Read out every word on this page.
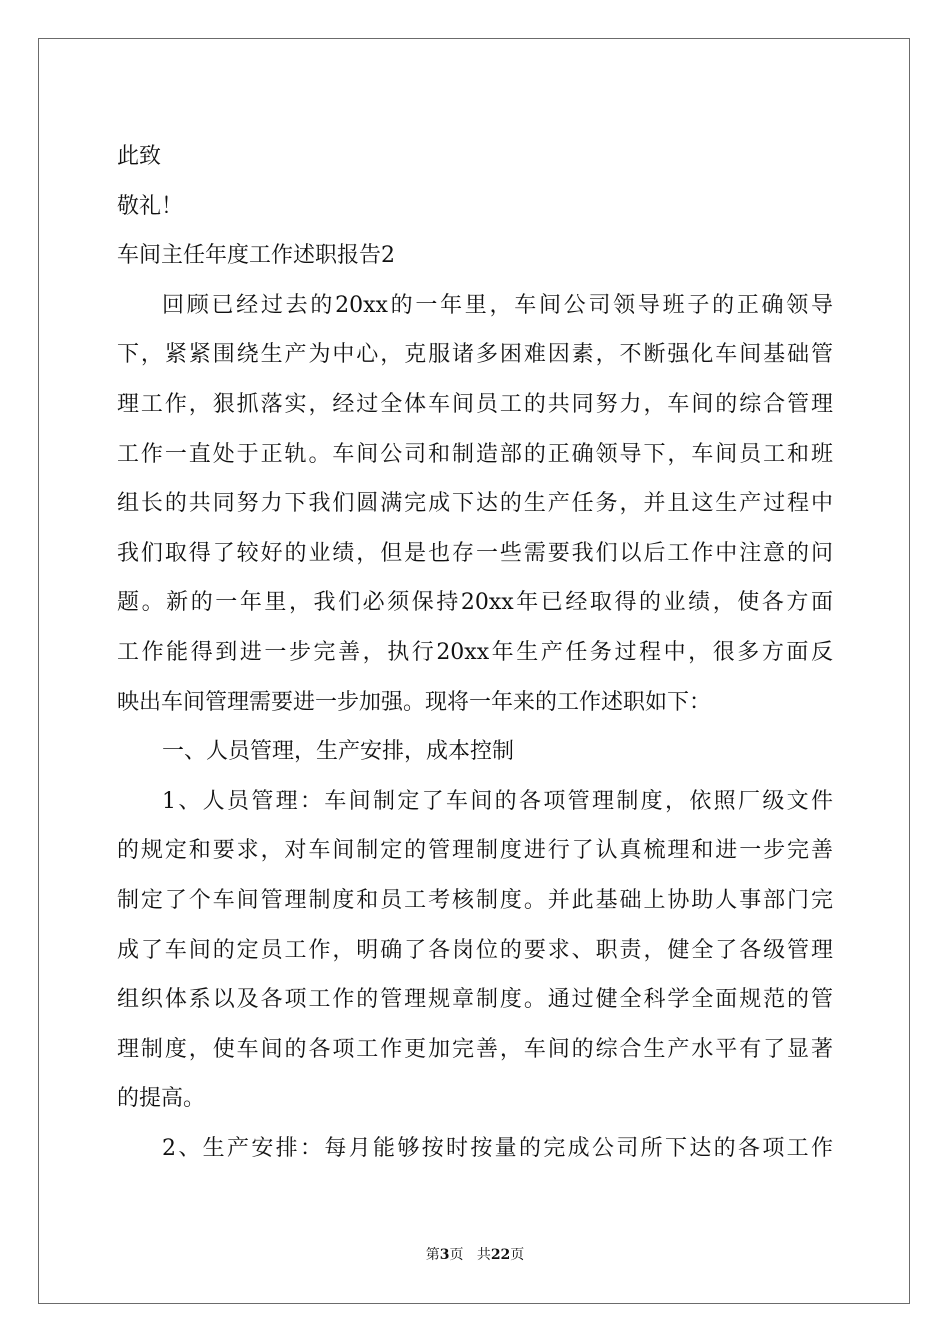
此致
敬礼！
车间主任年度工作述职报告2
回顾已经过去的20xx的一年里，车间公司领导班子的正确领导
下，紧紧围绕生产为中心，克服诸多困难因素，不断强化车间基础管
理工作，狠抓落实，经过全体车间员工的共同努力，车间的综合管理
工作一直处于正轨。车间公司和制造部的正确领导下，车间员工和班
组长的共同努力下我们圆满完成下达的生产任务，并且这生产过程中
我们取得了较好的业绩，但是也存一些需要我们以后工作中注意的问
题。新的一年里，我们必须保持20xx年已经取得的业绩，使各方面
工作能得到进一步完善，执行20xx年生产任务过程中，很多方面反
映出车间管理需要进一步加强。现将一年来的工作述职如下：
一、人员管理，生产安排，成本控制
1、人员管理：车间制定了车间的各项管理制度，依照厂级文件
的规定和要求，对车间制定的管理制度进行了认真梳理和进一步完善
制定了个车间管理制度和员工考核制度。并此基础上协助人事部门完
成了车间的定员工作，明确了各岗位的要求、职责，健全了各级管理
组织体系以及各项工作的管理规章制度。通过健全科学全面规范的管
理制度，使车间的各项工作更加完善，车间的综合生产水平有了显著
的提高。
2、生产安排：每月能够按时按量的完成公司所下达的各项工作
第3页 共22页
